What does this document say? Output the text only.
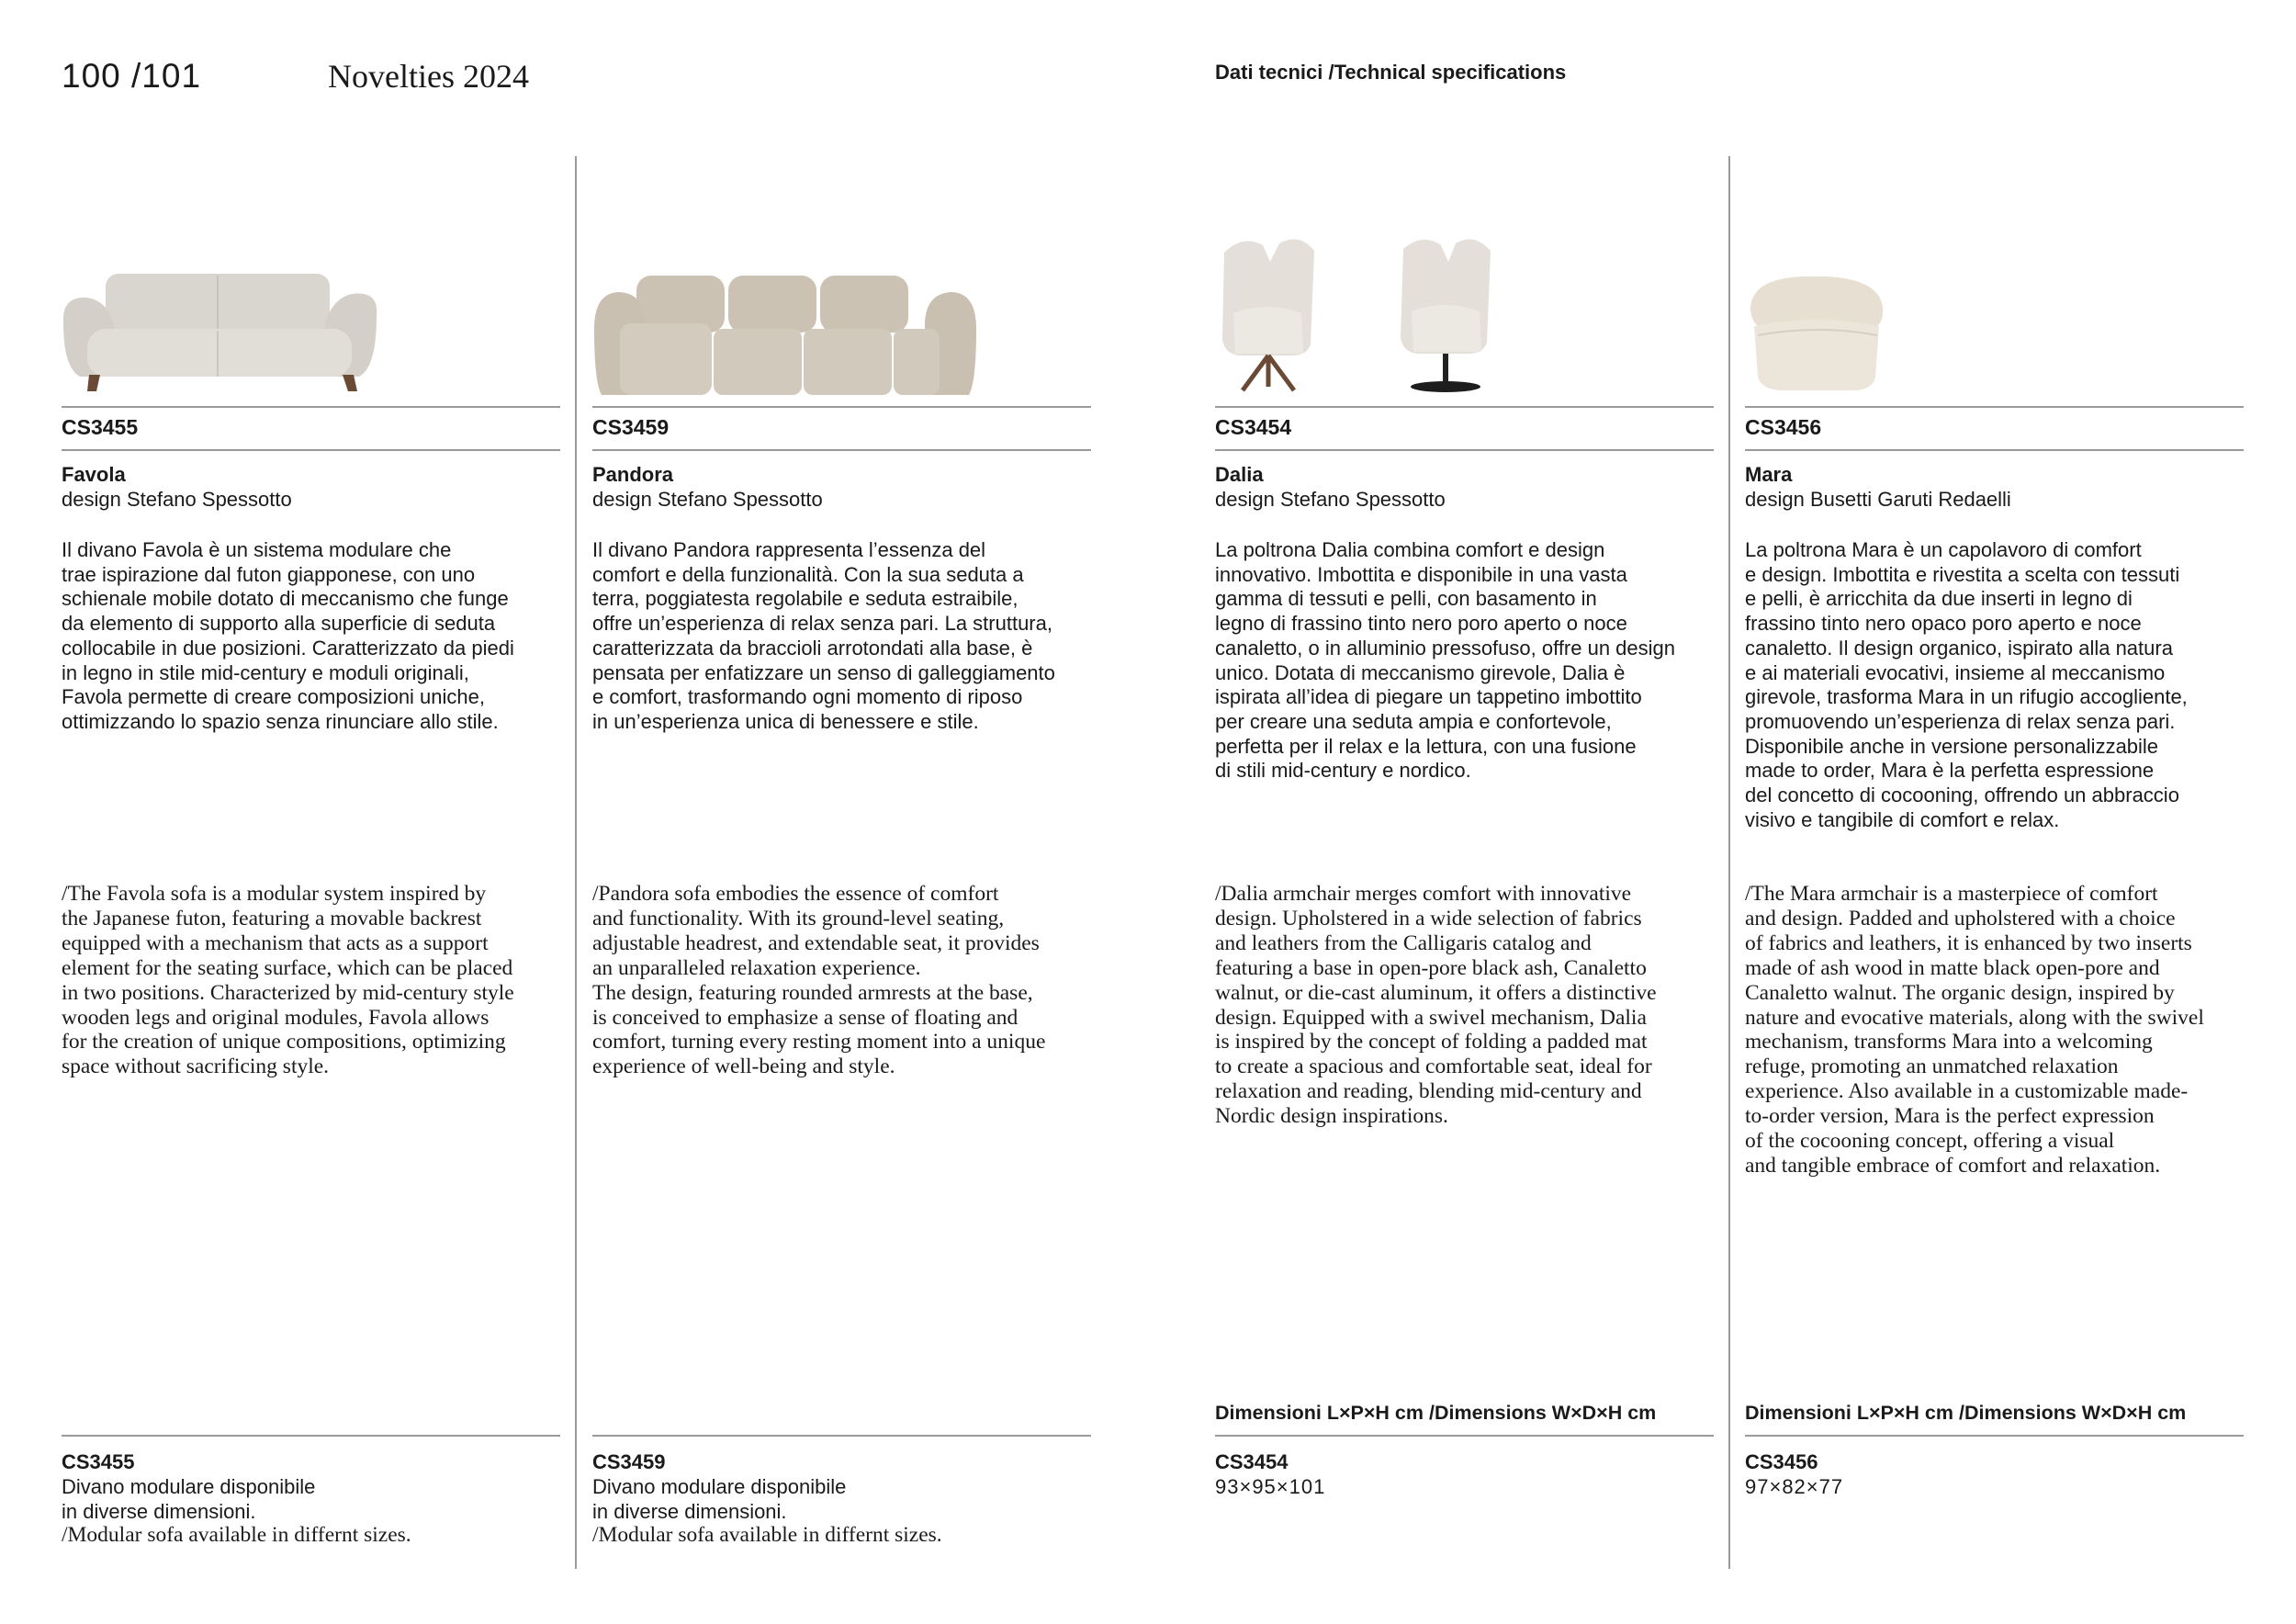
100 /101	Novelties 2024	Dati tecnici /Technical specifications
CS3455
Favola
design Stefano Spessotto
Il divano Favola è un sistema modulare che
trae ispirazione dal futon giapponese, con uno
schienale mobile dotato di meccanismo che funge
da elemento di supporto alla superficie di seduta
collocabile in due posizioni. Caratterizzato da piedi
in legno in stile mid-century e moduli originali,
Favola permette di creare composizioni uniche,
ottimizzando lo spazio senza rinunciare allo stile.
/The Favola sofa is a modular system inspired by
the Japanese futon, featuring a movable backrest
equipped with a mechanism that acts as a support
element for the seating surface, which can be placed
in two positions. Characterized by mid-century style
wooden legs and original modules, Favola allows
for the creation of unique compositions, optimizing
space without sacrificing style.
CS3455
Divano modulare disponibile
in diverse dimensioni.
/Modular sofa available in differnt sizes.
CS3459
Pandora
design Stefano Spessotto
Il divano Pandora rappresenta l’essenza del
comfort e della funzionalità. Con la sua seduta a
terra, poggiatesta regolabile e seduta estraibile,
offre un’esperienza di relax senza pari. La struttura,
caratterizzata da braccioli arrotondati alla base, è
pensata per enfatizzare un senso di galleggiamento
e comfort, trasformando ogni momento di riposo
in un’esperienza unica di benessere e stile.
/Pandora sofa embodies the essence of comfort
and functionality. With its ground-level seating,
adjustable headrest, and extendable seat, it provides
an unparalleled relaxation experience.
The design, featuring rounded armrests at the base,
is conceived to emphasize a sense of floating and
comfort, turning every resting moment into a unique
experience of well-being and style.
CS3459
Divano modulare disponibile
in diverse dimensioni.
/Modular sofa available in differnt sizes.
CS3454
Dalia
design Stefano Spessotto
La poltrona Dalia combina comfort e design
innovativo. Imbottita e disponibile in una vasta
gamma di tessuti e pelli, con basamento in
legno di frassino tinto nero poro aperto o noce
canaletto, o in alluminio pressofuso, offre un design
unico. Dotata di meccanismo girevole, Dalia è
ispirata all’idea di piegare un tappetino imbottito
per creare una seduta ampia e confortevole,
perfetta per il relax e la lettura, con una fusione
di stili mid-century e nordico.
/Dalia armchair merges comfort with innovative
design. Upholstered in a wide selection of fabrics
and leathers from the Calligaris catalog and
featuring a base in open-pore black ash, Canaletto
walnut, or die-cast aluminum, it offers a distinctive
design. Equipped with a swivel mechanism, Dalia
is inspired by the concept of folding a padded mat
to create a spacious and comfortable seat, ideal for
relaxation and reading, blending mid-century and
Nordic design inspirations.
Dimensioni L×P×H cm /Dimensions W×D×H cm
CS3454
93×95×101
CS3456
Mara
design Busetti Garuti Redaelli
La poltrona Mara è un capolavoro di comfort
e design. Imbottita e rivestita a scelta con tessuti
e pelli, è arricchita da due inserti in legno di
frassino tinto nero opaco poro aperto e noce
canaletto. Il design organico, ispirato alla natura
e ai materiali evocativi, insieme al meccanismo
girevole, trasforma Mara in un rifugio accogliente,
promuovendo un’esperienza di relax senza pari.
Disponibile anche in versione personalizzabile
made to order, Mara è la perfetta espressione
del concetto di cocooning, offrendo un abbraccio
visivo e tangibile di comfort e relax.
/The Mara armchair is a masterpiece of comfort
and design. Padded and upholstered with a choice
of fabrics and leathers, it is enhanced by two inserts
made of ash wood in matte black open-pore and
Canaletto walnut. The organic design, inspired by
nature and evocative materials, along with the swivel
mechanism, transforms Mara into a welcoming
refuge, promoting an unmatched relaxation
experience. Also available in a customizable made-
to-order version, Mara is the perfect expression
of the cocooning concept, offering a visual
and tangible embrace of comfort and relaxation.
Dimensioni L×P×H cm /Dimensions W×D×H cm
CS3456
97×82×77
